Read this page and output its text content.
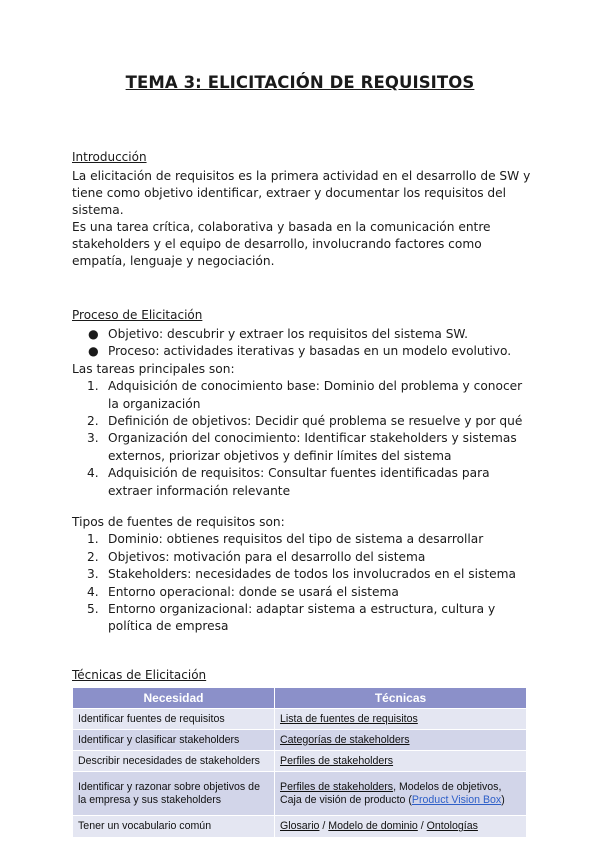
TEMA 3: ELICITACIÓN DE REQUISITOS
Introducción

La elicitación de requisitos es la primera actividad en el desarrollo de SW y tiene como objetivo identificar, extraer y documentar los requisitos del sistema.

Es una tarea crítica, colaborativa y basada en la comunicación entre stakeholders y el equipo de desarrollo, involucrando factores como empatía, lenguaje y negociación.

Proceso de Elicitación
● Objetivo: descubrir y extraer los requisitos del sistema SW.
● Proceso: actividades iterativas y basadas en un modelo evolutivo.
Las tareas principales son:
1. Adquisición de conocimiento base: Dominio del problema y conocer la organización
2. Definición de objetivos: Decidir qué problema se resuelve y por qué
3. Organización del conocimiento: Identificar stakeholders y sistemas externos, priorizar objetivos y definir límites del sistema
4. Adquisición de requisitos: Consultar fuentes identificadas para extraer información relevante
Tipos de fuentes de requisitos son:
1. Dominio: obtienes requisitos del tipo de sistema a desarrollar
2. Objetivos: motivación para el desarrollo del sistema
3. Stakeholders: necesidades de todos los involucrados en el sistema
4. Entorno operacional: donde se usará el sistema
5. Entorno organizacional: adaptar sistema a estructura, cultura y política de empresa
Técnicas de Elicitación
Necesidad	Técnicas
Identificar fuentes de requisitos	Lista de fuentes de requisitos
Identificar y clasificar stakeholders	Categorías de stakeholders
Describir necesidades de stakeholders	Perfiles de stakeholders
Identificar y razonar sobre objetivos de la empresa y sus stakeholders	Perfiles de stakeholders, Modelos de objetivos, Caja de visión de producto (Product Vision Box)
Tener un vocabulario común	Glosario / Modelo de dominio / Ontologías
